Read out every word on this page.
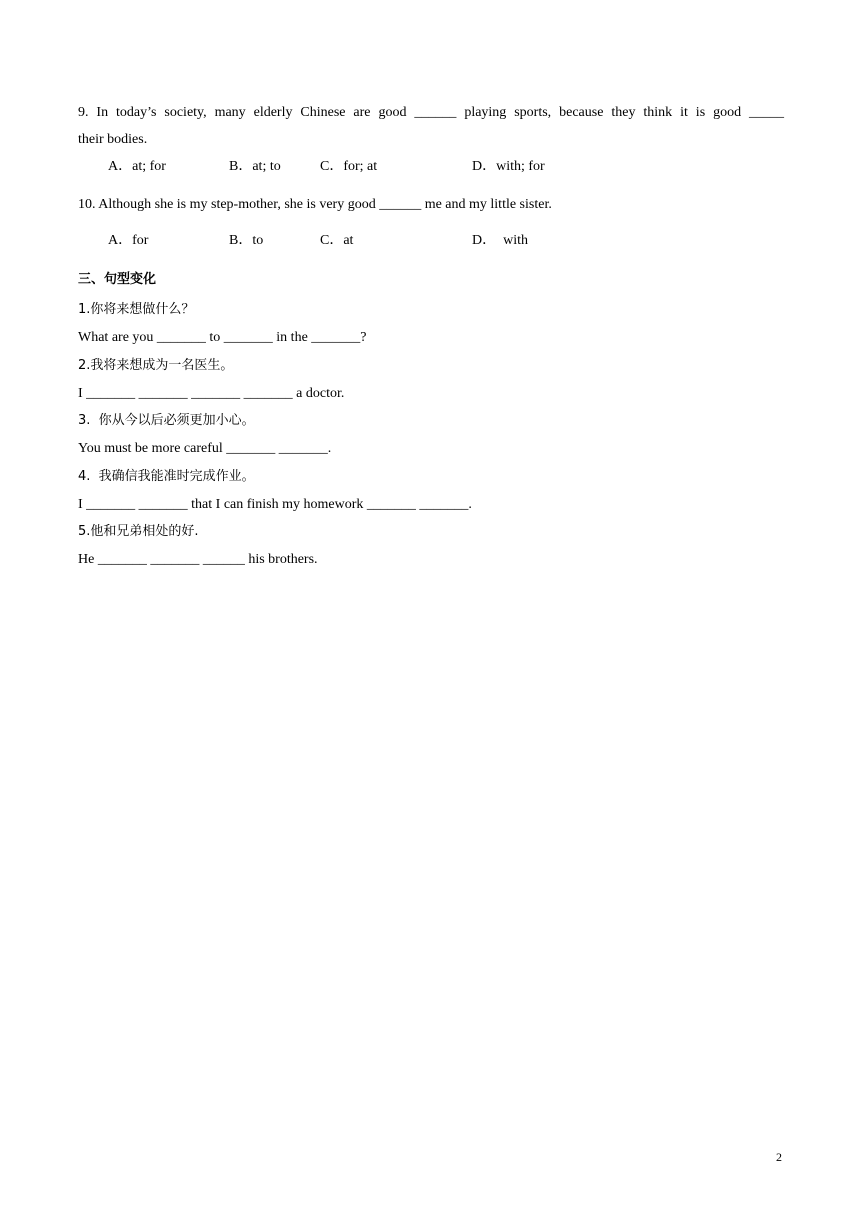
9. In today’s society, many elderly Chinese are good ______ playing sports, because they think it is good _____
their bodies.
A．at; for	B．at; to	C．for; at	D．with; for
10. Although she is my step-mother, she is very good ______ me and my little sister.
A．for	B．to	C．at	D．  with
三、句型变化
1.你将来想做什么？
What are you _______ to _______ in the _______?
2.我将来想成为一名医生。
I _______ _______ _______ _______ a doctor.
3.  你从今以后必须更加小心。
You must be more careful _______ _______.
4.  我确信我能准时完成作业。
I _______ _______ that I can finish my homework _______ _______.
5.他和兄弟相处的好.
He _______ _______ ______ his brothers.
2
